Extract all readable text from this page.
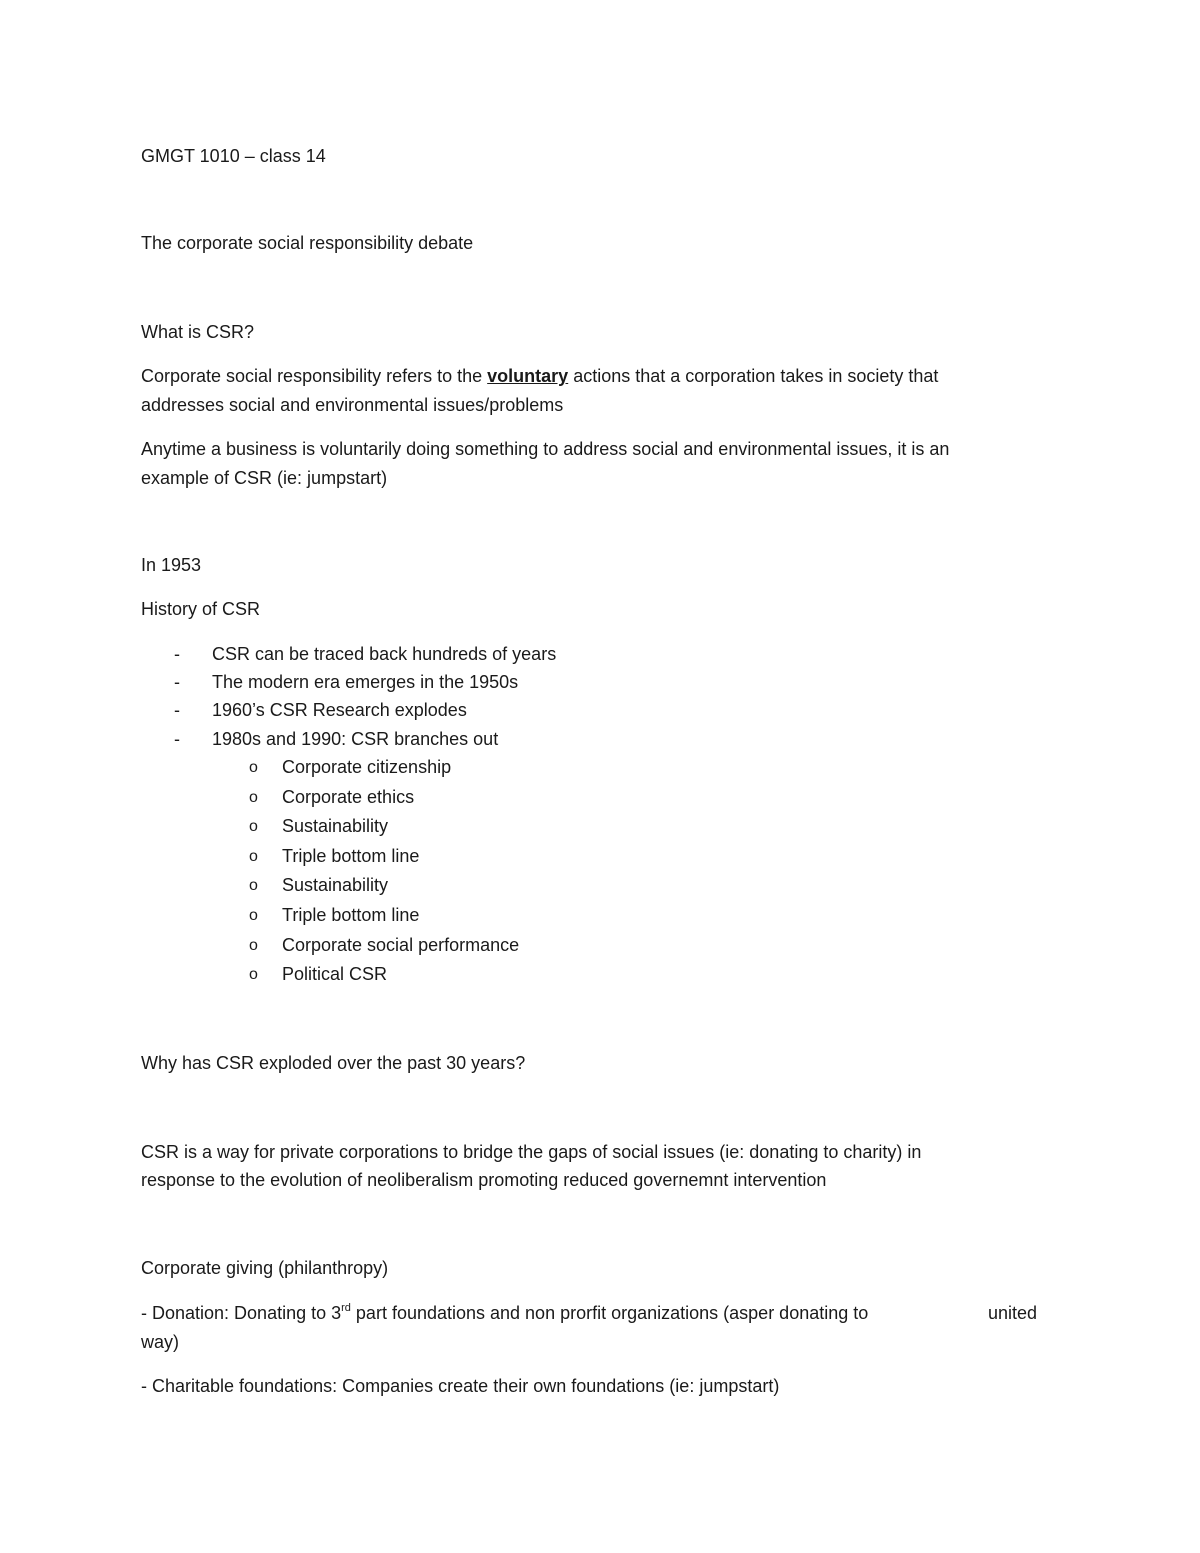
GMGT 1010 – class 14
The corporate social responsibility debate
What is CSR?
Corporate social responsibility refers to the voluntary actions that a corporation takes in society that
addresses social and environmental issues/problems
Anytime a business is voluntarily doing something to address social and environmental issues, it is an
example of CSR (ie: jumpstart)
In 1953
History of CSR
- CSR can be traced back hundreds of years
- The modern era emerges in the 1950s
- 1960’s CSR Research explodes
- 1980s and 1990: CSR branches out
o Corporate citizenship
o Corporate ethics
o Sustainability
o Triple bottom line
o Sustainability
o Triple bottom line
o Corporate social performance
o Political CSR
Why has CSR exploded over the past 30 years?
CSR is a way for private corporations to bridge the gaps of social issues (ie: donating to charity) in
response to the evolution of neoliberalism promoting reduced governemnt intervention
Corporate giving (philanthropy)
- Donation: Donating to 3rd part foundations and non prorfit organizations (asper donating to	united
way)
- Charitable foundations: Companies create their own foundations (ie: jumpstart)
